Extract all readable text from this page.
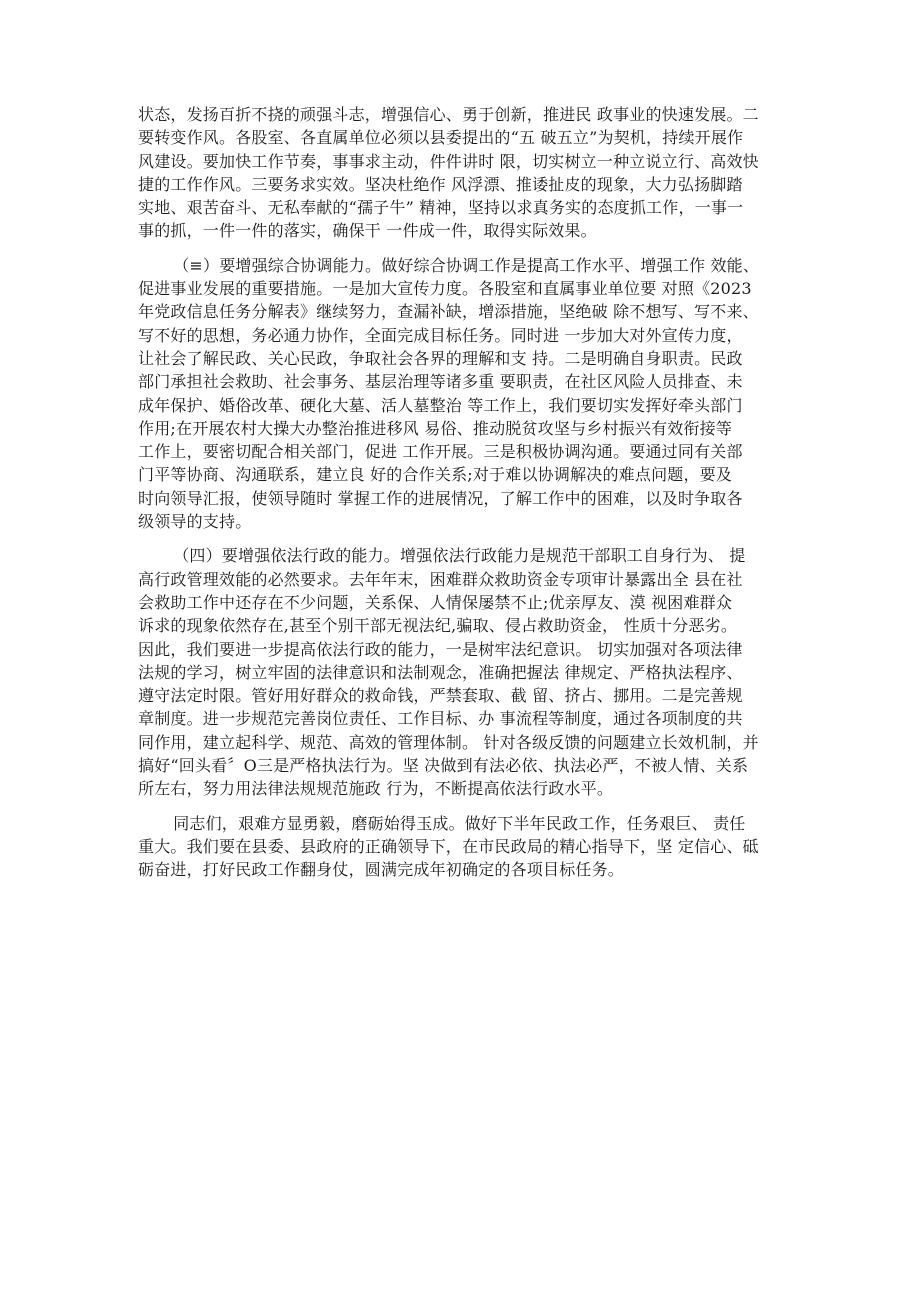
状态，发扬百折不挠的顽强斗志，增强信心、勇于创新，推进民 政事业的快速发展。二
要转变作风。各股室、各直属单位必须以县委提出的“五 破五立”为契机，持续开展作
风建设。要加快工作节奏，事事求主动，件件讲时 限，切实树立一种立说立行、高效快
捷的工作作风。三要务求实效。坚决杜绝作 风浮漂、推诿扯皮的现象，大力弘扬脚踏
实地、艰苦奋斗、无私奉献的“孺子牛” 精神，坚持以求真务实的态度抓工作，一事一
事的抓，一件一件的落实，确保干 一件成一件，取得实际效果。

（≡）要增强综合协调能力。做好综合协调工作是提高工作水平、增强工作 效能、
促进事业发展的重要措施。一是加大宣传力度。各股室和直属事业单位要 对照《2023
年党政信息任务分解表》继续努力，查漏补缺，增添措施，坚绝破 除不想写、写不来、
写不好的思想，务必通力协作，全面完成目标任务。同时进 一步加大对外宣传力度，
让社会了解民政、关心民政，争取社会各界的理解和支 持。二是明确自身职责。民政
部门承担社会救助、社会事务、基层治理等诸多重 要职责，在社区风险人员排查、未
成年保护、婚俗改革、硬化大墓、活人墓整治 等工作上，我们要切实发挥好牵头部门
作用;在开展农村大操大办整治推进移风 易俗、推动脱贫攻坚与乡村振兴有效衔接等
工作上，要密切配合相关部门，促进 工作开展。三是积极协调沟通。要通过同有关部
门平等协商、沟通联系，建立良 好的合作关系;对于难以协调解决的难点问题，要及
时向领导汇报，使领导随时 掌握工作的进展情况，了解工作中的困难，以及时争取各
级领导的支持。

（四）要增强依法行政的能力。增强依法行政能力是规范干部职工自身行为、 提
高行政管理效能的必然要求。去年年末，困难群众救助资金专项审计暴露出全 县在社
会救助工作中还存在不少问题，关系保、人情保屡禁不止;优亲厚友、漠 视困难群众
诉求的现象依然存在,甚至个别干部无视法纪,骗取、侵占救助资金， 性质十分恶劣。
因此，我们要进一步提高依法行政的能力，一是树牢法纪意识。 切实加强对各项法律
法规的学习，树立牢固的法律意识和法制观念，准确把握法 律规定、严格执法程序、
遵守法定时限。管好用好群众的救命钱，严禁套取、截 留、挤占、挪用。二是完善规
章制度。进一步规范完善岗位责任、工作目标、办 事流程等制度，通过各项制度的共
同作用，建立起科学、规范、高效的管理体制。 针对各级反馈的问题建立长效机制，并
搞好“回头看〞O三是严格执法行为。坚 决做到有法必依、执法必严，不被人情、关系
所左右，努力用法律法规规范施政 行为，不断提高依法行政水平。

同志们，艰难方显勇毅，磨砺始得玉成。做好下半年民政工作，任务艰巨、 责任
重大。我们要在县委、县政府的正确领导下，在市民政局的精心指导下，坚 定信心、砥
砺奋进，打好民政工作翻身仗，圆满完成年初确定的各项目标任务。
